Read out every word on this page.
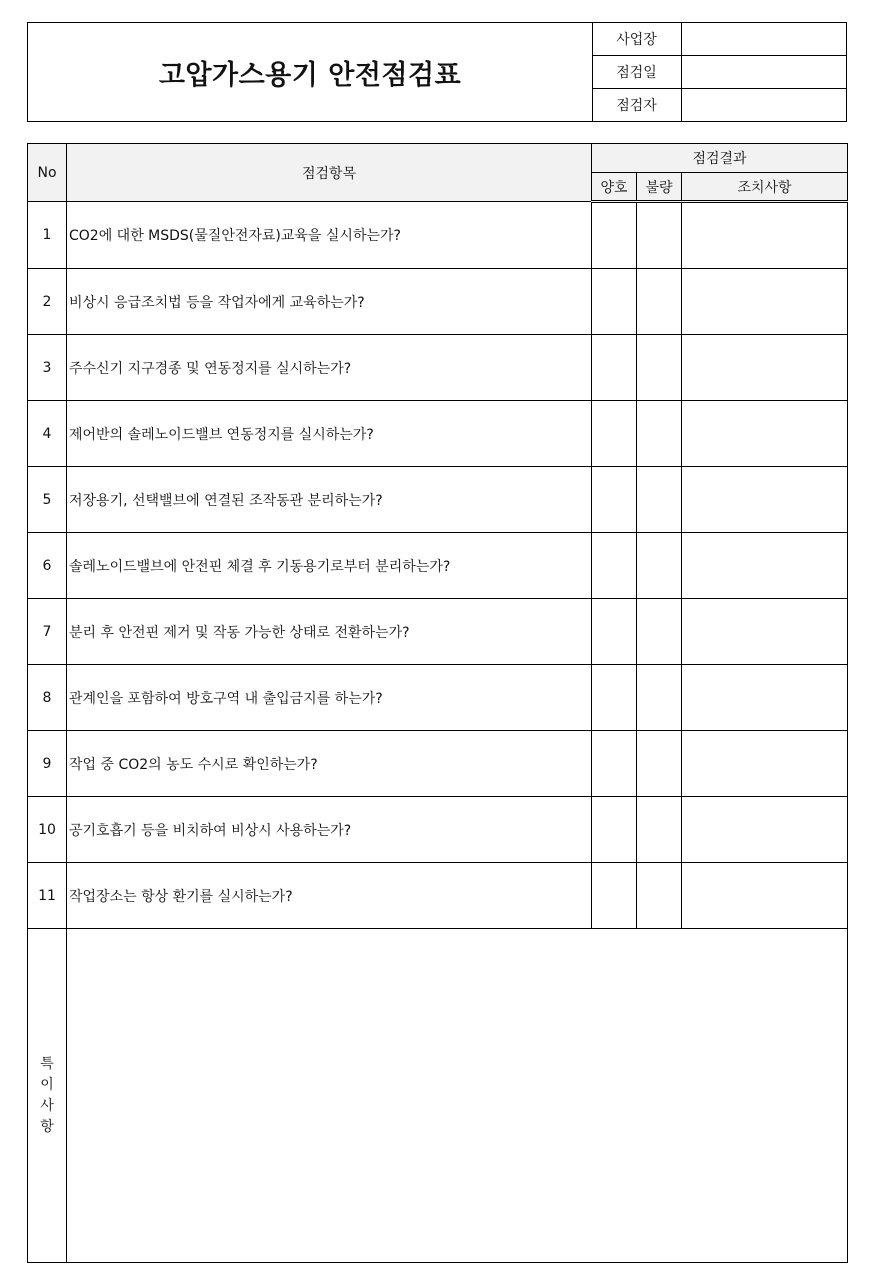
고압가스용기 안전점검표
사업장
점검일
점검자
No	점검항목	점검결과		
		양호	불량	조치사항
1	CO2에 대한 MSDS(물질안전자료)교육을 실시하는가?			
2	비상시 응급조치법 등을 작업자에게 교육하는가?			
3	주수신기 지구경종 및 연동정지를 실시하는가?			
4	제어반의 솔레노이드밸브 연동정지를 실시하는가?			
5	저장용기, 선택밸브에 연결된 조작동관 분리하는가?			
6	솔레노이드밸브에 안전핀 체결 후 기동용기로부터 분리하는가?			
7	분리 후 안전핀 제거 및 작동 가능한 상태로 전환하는가?			
8	관계인을 포함하여 방호구역 내 출입금지를 하는가?			
9	작업 중 CO2의 농도 수시로 확인하는가?			
10	공기호흡기 등을 비치하여 비상시 사용하는가?			
11	작업장소는 항상 환기를 실시하는가?			

특
이
사
항				
